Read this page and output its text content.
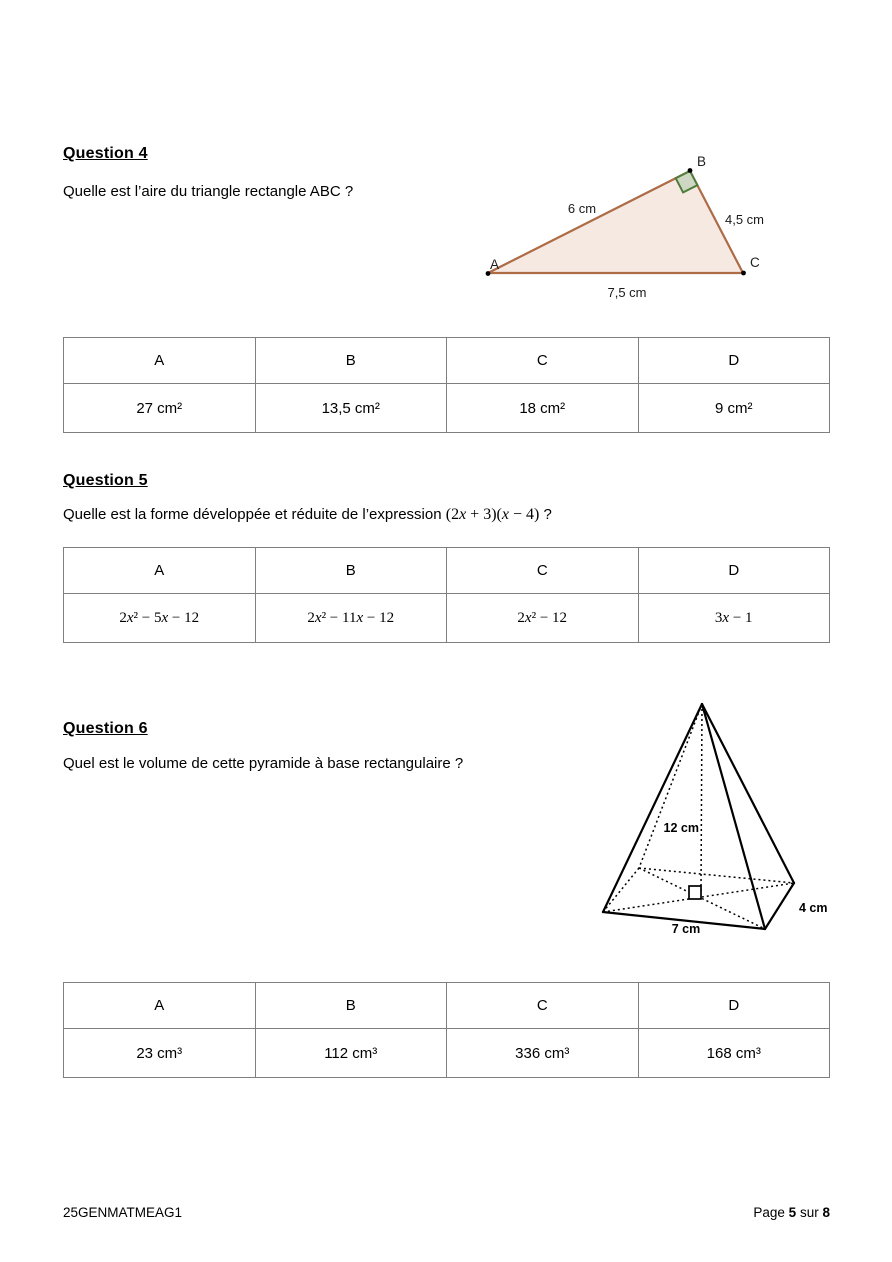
Question 4
Quelle est l’aire du triangle rectangle ABC ?
A
B
C
6 cm
4,5 cm
7,5 cm
A	B	C	D
27 cm²	13,5 cm²	18 cm²	9 cm²
Question 5
Quelle est la forme développée et réduite de l’expression (2x + 3)(x − 4) ?
A	B	C	D
2x² − 5x − 12	2x² − 11x − 12	2x² − 12	3x − 1
Question 6
Quel est le volume de cette pyramide à base rectangulaire ?
12 cm
7 cm
4 cm
A	B	C	D
23 cm³	112 cm³	336 cm³	168 cm³
25GENMATMEAG1	Page 5 sur 8
